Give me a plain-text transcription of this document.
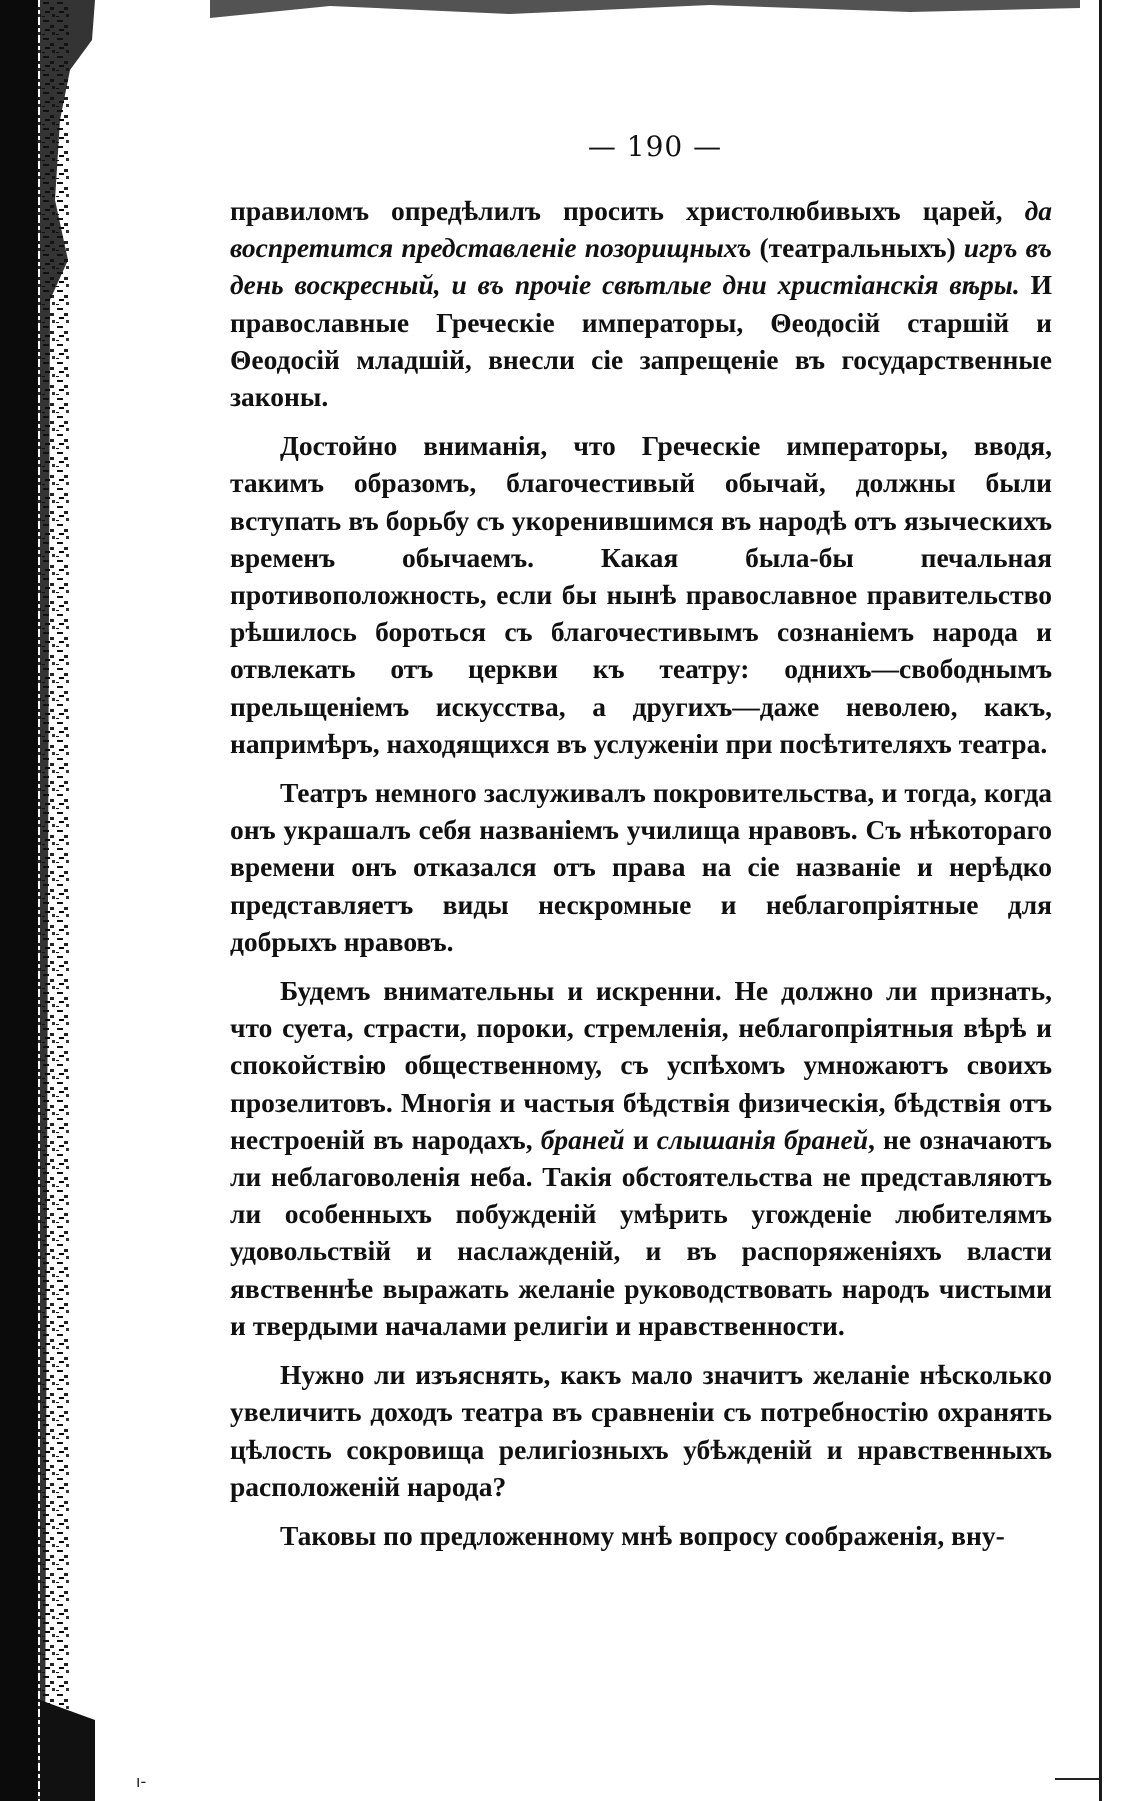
— 190 —

правиломъ опредѣлилъ просить христолюбивыхъ царей, да воспретится представленіе позорищныхъ (театральныхъ) игръ въ день воскресный, и въ прочіе свѣтлые дни христіанскія вѣры. И православные Греческіе императоры, Θеодосій старшій и Θеодосій младшій, внесли сіе запрещеніе въ государственные законы.

Достойно вниманія, что Греческіе императоры, вводя, такимъ образомъ, благочестивый обычай, должны были вступать въ борьбу съ укоренившимся въ народѣ отъ языческихъ временъ обычаемъ. Какая была-бы печальная противоположность, если бы нынѣ православное правительство рѣшилось бороться съ благочестивымъ сознаніемъ народа и отвлекать отъ церкви къ театру: однихъ—свободнымъ прельщеніемъ искусства, а другихъ—даже неволею, какъ, напримѣръ, находящихся въ услуженіи при посѣтителяхъ театра.

Театръ немного заслуживалъ покровительства, и тогда, когда онъ украшалъ себя названіемъ училища нравовъ. Съ нѣкотораго времени онъ отказался отъ права на сіе названіе и нерѣдко представляетъ виды нескромные и неблагопріятные для добрыхъ нравовъ.

Будемъ внимательны и искренни. Не должно ли признать, что суета, страсти, пороки, стремленія, неблагопріятныя вѣрѣ и спокойствію общественному, съ успѣхомъ умножаютъ своихъ прозелитовъ. Многія и частыя бѣдствія физическія, бѣдствія отъ нестроеній въ народахъ, браней и слышанія браней, не означаютъ ли неблаговоленія неба. Такія обстоятельства не представляютъ ли особенныхъ побужденій умѣрить угожденіе любителямъ удовольствій и наслажденій, и въ распоряженіяхъ власти явственнѣе выражать желаніе руководствовать народъ чистыми и твердыми началами религіи и нравственности.

Нужно ли изъяснять, какъ мало значитъ желаніе нѣсколько увеличить доходъ театра въ сравненіи съ потребностію охранять цѣлость сокровища религіозныхъ убѣжденій и нравственныхъ расположеній народа?

Таковы по предложенному мнѣ вопросу соображенія, вну-

ı-
